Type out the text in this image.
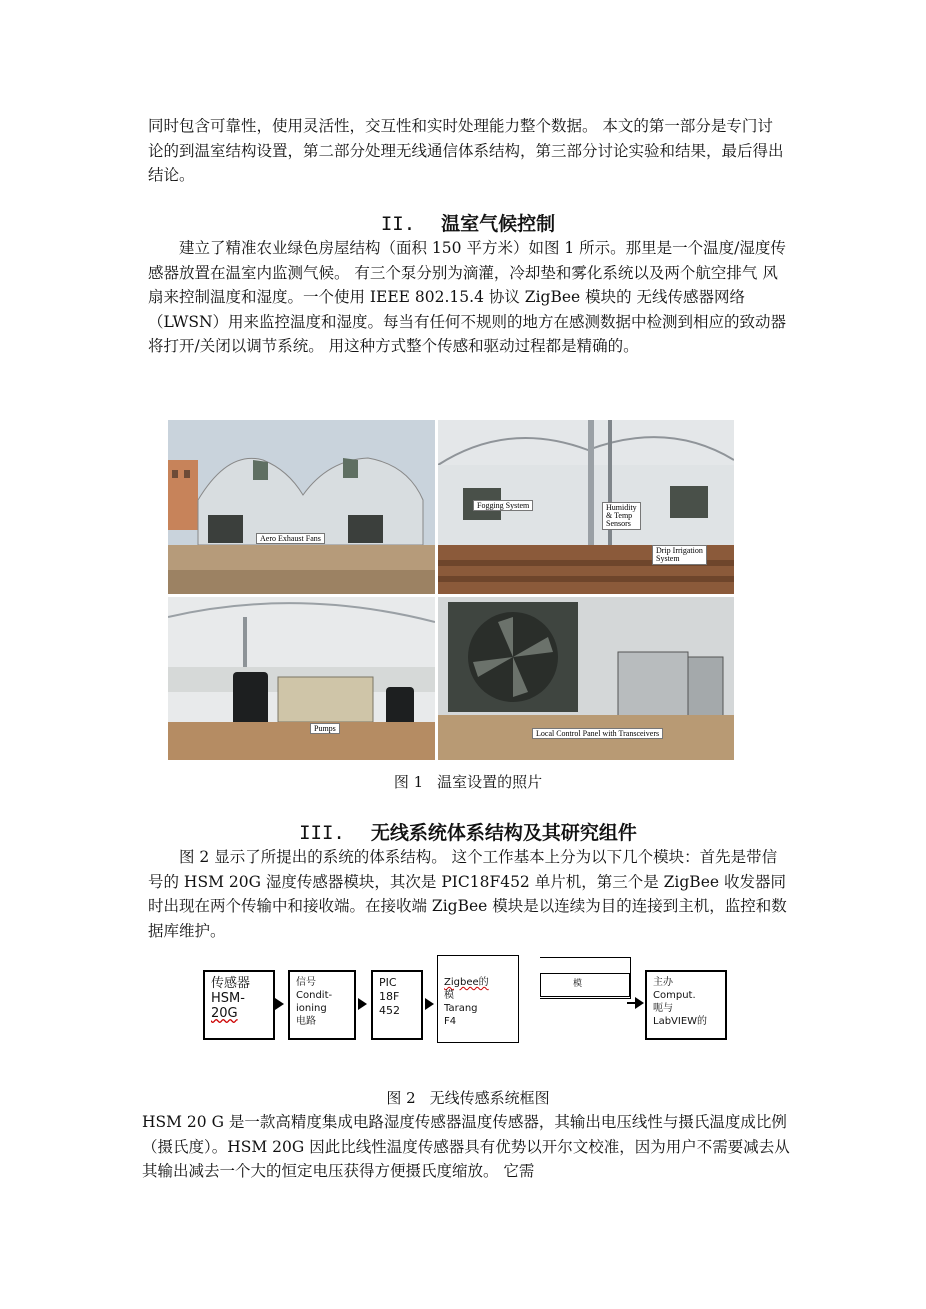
同时包含可靠性，使用灵活性，交互性和实时处理能力整个数据。 本文的第一部分是专门讨论的到温室结构设置，第二部分处理无线通信体系结构，第三部分讨论实验和结果，最后得出结论。

II. 温室气候控制

建立了精准农业绿色房屋结构（面积 150 平方米）如图 1 所示。那里是一个温度/湿度传感器放置在温室内监测气候。 有三个泵分别为滴灌，冷却垫和雾化系统以及两个航空排气 风扇来控制温度和湿度。一个使用 IEEE 802.15.4 协议 ZigBee 模块的 无线传感器网络（LWSN）用来监控温度和湿度。每当有任何不规则的地方在感测数据中检测到相应的致动器将打开/关闭以调节系统。 用这种方式整个传感和驱动过程都是精确的。

Aero Exhaust Fans
Fogging System	Humidity
& Temp
Sensors
Drip Irrigation
System
Pumps
Local Control Panel with Transceivers
图 1 温室设置的照片
III. 无线系统体系结构及其研究组件

图 2 显示了所提出的系统的体系结构。 这个工作基本上分为以下几个模块：首先是带信号的 HSM 20G 湿度传感器模块，其次是 PIC18F452 单片机，第三个是 ZigBee 收发器同时出现在两个传输中和接收端。在接收端 ZigBee 模块是以连续为目的连接到主机，监控和数据库维护。

传感器
HSM-
20G
信号
Condit-
ioning
电路
PIC
18F
452
Zigbee的
模
Tarang
F4
模	主办
Comput.
呃与
LabVIEW的
图 2 无线传感系统框图

HSM 20 G 是一款高精度集成电路湿度传感器温度传感器，其输出电压线性与摄氏温度成比例（摄氏度）。HSM 20G 因此比线性温度传感器具有优势以开尔文校准，因为用户不需要减去从其输出减去一个大的恒定电压获得方便摄氏度缩放。 它需
